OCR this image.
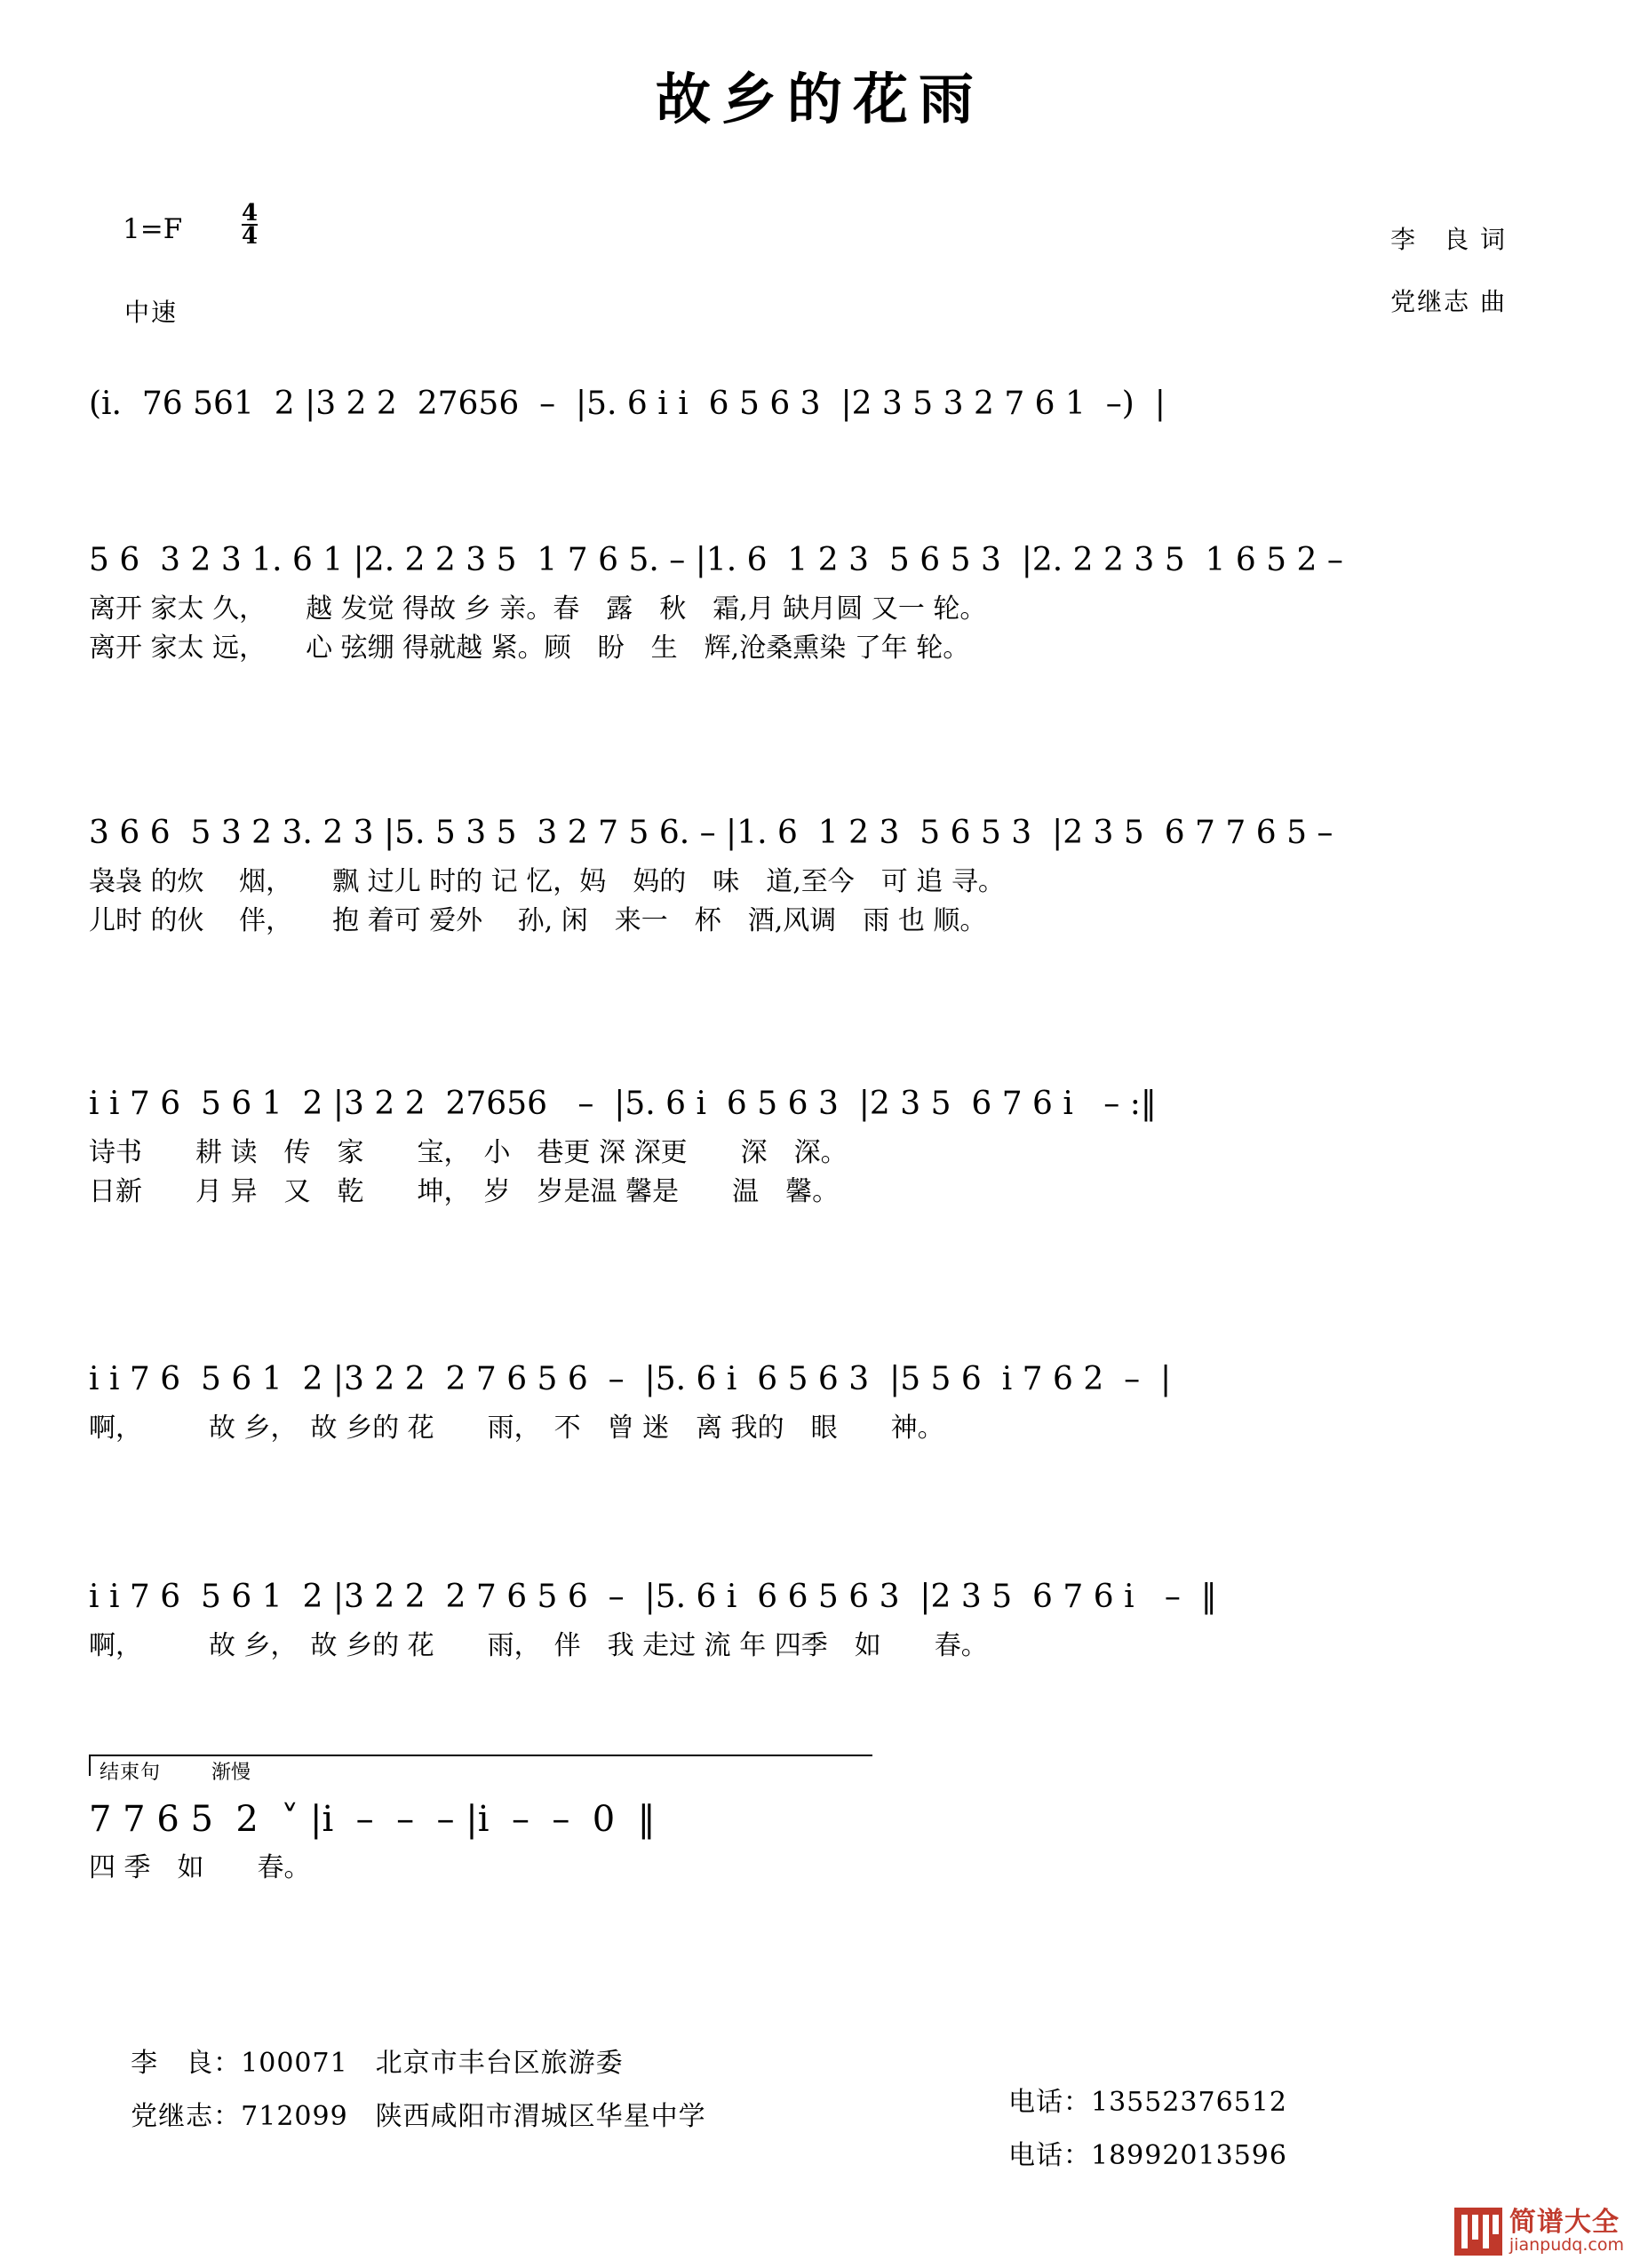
故乡的花雨
1=F	$\frac{4}{4}$
中速
李　良 词
党继志 曲
(i.  76 561  2 |3 2 2  27656  –  |5. 6 i i  6 5 6 3  |2 3 5 3 2 7 6 1  –)  |
5 6  3 2 3 1. 6 1 |2. 2 2 3 5  1 7 6 5. – |1. 6  1 2 3  5 6 5 3  |2. 2 2 3 5  1 6 5 2 –
离开 家太 久，　　越 发觉 得故 乡 亲。春　露　秋　霜,月 缺月圆 又一 轮。
离开 家太 远，　　心 弦绷 得就越 紧。顾　盼　生　辉,沧桑熏染 了年 轮。
3 6 6  5 3 2 3. 2 3 |5. 5 3 5  3 2 7 5 6. – |1. 6  1 2 3  5 6 5 3  |2 3 5  6 7 7 6 5 –
袅袅 的炊　 烟，　　飘 过儿 时的 记 忆，妈　妈的　味　道,至今　可 追 寻。
儿时 的伙　 伴，　　抱 着可 爱外　 孙, 闲　来一　杯　酒,风调　雨 也 顺。
i i 7 6  5 6 1  2 |3 2 2  27656   –  |5. 6 i  6 5 6 3  |2 3 5  6 7 6 i   – :‖
诗书　　耕 读　传　家　　宝，　小　巷更 深 深更　　深　深。
日新　　月 异　又　乾　　坤，　岁　岁是温 馨是　　温　馨。
i i 7 6  5 6 1  2 |3 2 2  2 7 6 5 6  –  |5. 6 i  6 5 6 3  |5 5 6  i 7 6 2  –  |
啊，　　　故 乡，　故 乡的 花　　雨，　不　曾 迷　离 我的　眼　　神。
i i 7 6  5 6 1  2 |3 2 2  2 7 6 5 6  –  |5. 6 i  6 6 5 6 3  |2 3 5  6 7 6 i   –  ‖
啊，　　　故 乡，　故 乡的 花　　雨，　伴　我 走过 流 年 四季　如　　春。
结束句	渐慢
7 7 6 5  2  ˅ |i  –  –  – |i  –  –  0  ‖
四 季　如　　春。

李　良：100071　北京市丰台区旅游委

电话：13552376512

党继志：712099　陕西咸阳市渭城区华星中学

电话：18992013596

简谱大全
jianpudq.com
